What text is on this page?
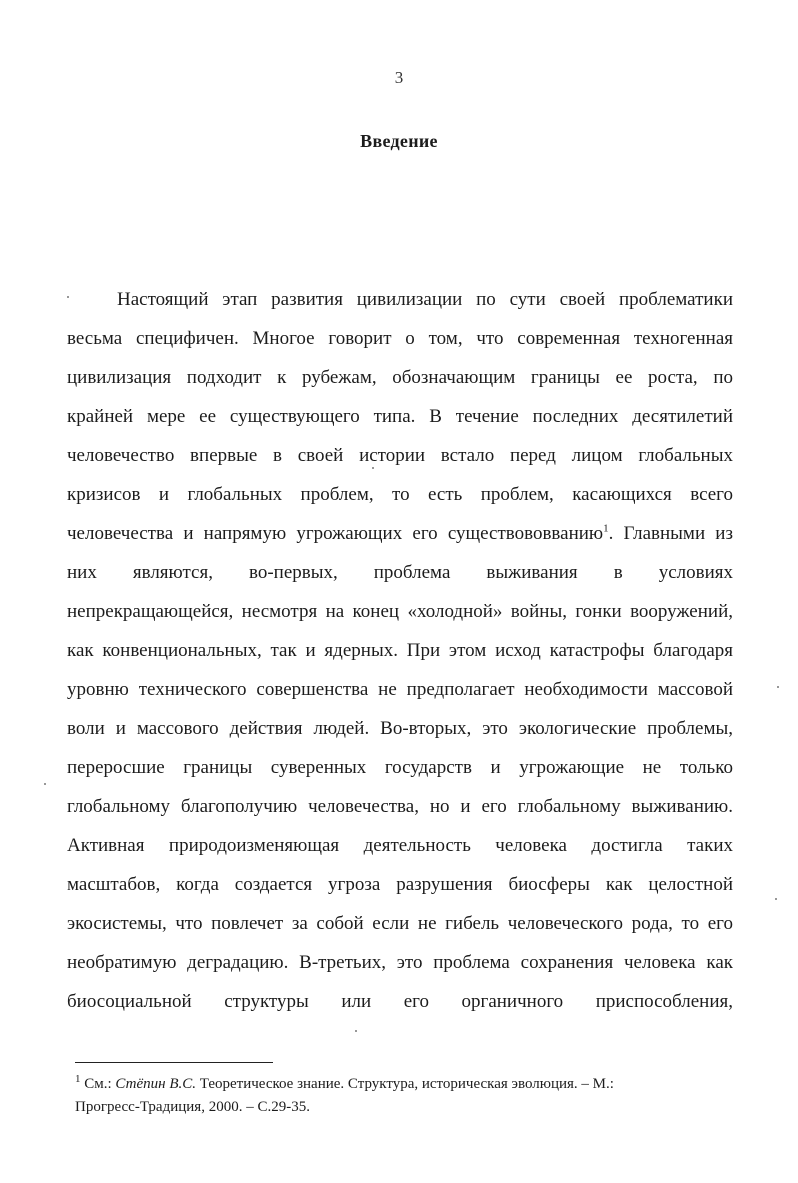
3
Введение
Настоящий этап развития цивилизации по сути своей проблематики
весьма специфичен. Многое говорит о том, что современная техногенная
цивилизация подходит к рубежам, обозначающим границы ее роста, по
крайней мере ее существующего типа. В течение последних десятилетий
человечество впервые в своей истории встало перед лицом глобальных
кризисов и глобальных проблем, то есть проблем, касающихся всего
человечества и напрямую угрожающих его существововванию$^1$. Главными из
них являются, во-первых, проблема выживания в условиях
непрекращающейся, несмотря на конец «холодной» войны, гонки вооружений,
как конвенциональных, так и ядерных. При этом исход катастрофы благодаря
уровню технического совершенства не предполагает необходимости массовой
воли и массового действия людей. Во-вторых, это экологические проблемы,
переросшие границы суверенных государств и угрожающие не только
глобальному благополучию человечества, но и его глобальному выживанию.
Активная природоизменяющая деятельность человека достигла таких
масштабов, когда создается угроза разрушения биосферы как целостной
экосистемы, что повлечет за собой если не гибель человеческого рода, то его
необратимую деградацию. В-третьих, это проблема сохранения человека как
биосоциальной структуры или его органичного приспособления,
$^1$ См.: Стёпин В.С. Теоретическое знание. Структура, историческая эволюция. – М.:
Прогресс-Традиция, 2000. – С.29-35.
